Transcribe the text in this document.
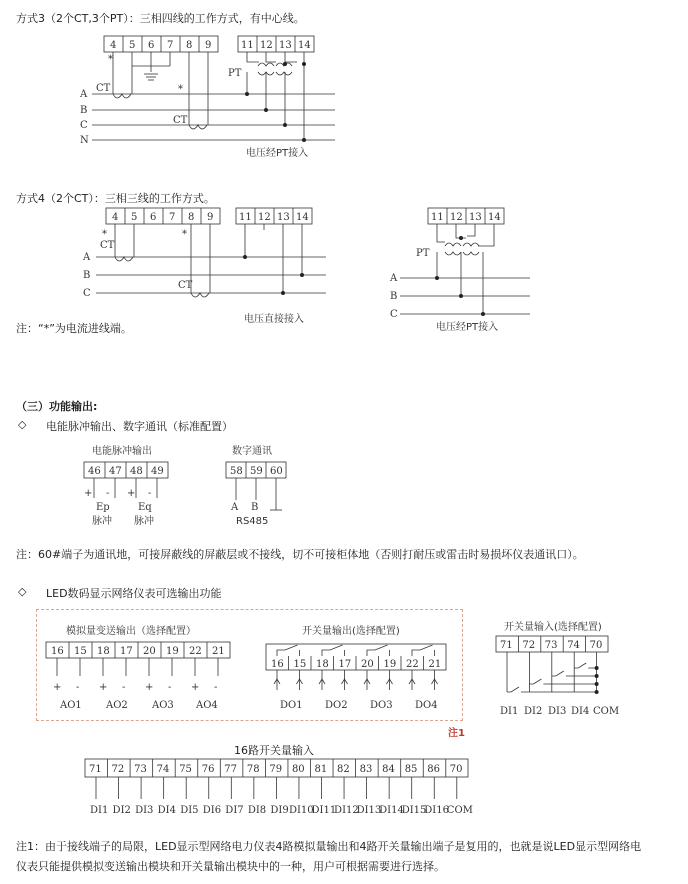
方式3（2个CT,3个PT）：三相四线的工作方式，有中心线。
4 5 6 7 8 9	11 12 13 14
A
B
C
N
*
CT	*
CT
PT
电压经PT接入
方式4（2个CT）：三相三线的工作方式。
4 5 6 7 8 9	11 12 13 14
A
B
C
*
CT
*
CT
电压直接接入
11 12 13 14
PT
A
B
C
电压经PT接入
注：“*”为电流进线端。
（三）功能输出:
◇ 电能脉冲输出、数字通讯（标准配置）
电能脉冲输出
46 47 48 49
+ - + -
Ep	Eq
脉冲 脉冲
数字通讯
58 59 60
A B
RS485
注：60#端子为通讯地，可接屏蔽线的屏蔽层或不接线，切不可接柜体地（否则打耐压或雷击时易损坏仪表通讯口）。
◇ LED数码显示网络仪表可选输出功能
注1
模拟量变送输出（选择配置）
16
+
15
-
18
+
17
-
20
+
19
-
22
+
21
-
AO1 AO2 AO3 AO4
开关量输出(选择配置)
16 15 18 17 20 19 22 21
DO1 DO2 DO3 DO4
开关量输入(选择配置)
71 72 73 74 70
DI1 DI2 DI3 DI4 COM
16路开关量输入
71
DI1
72
DI2
73
DI3
74
DI4
75
DI5
76
DI6
77
DI7
78
DI8
79
DI9
80
DI10
81
DI11
82
DI12
83
DI13
84
DI14
85
DI15
86
DI16
70
COM
注1：由于接线端子的局限，LED显示型网络电力仪表4路模拟量输出和4路开关量输出端子是复用的，也就是说LED显示型网络电
仪表只能提供模拟变送输出模块和开关量输出模块中的一种，用户可根据需要进行选择。
